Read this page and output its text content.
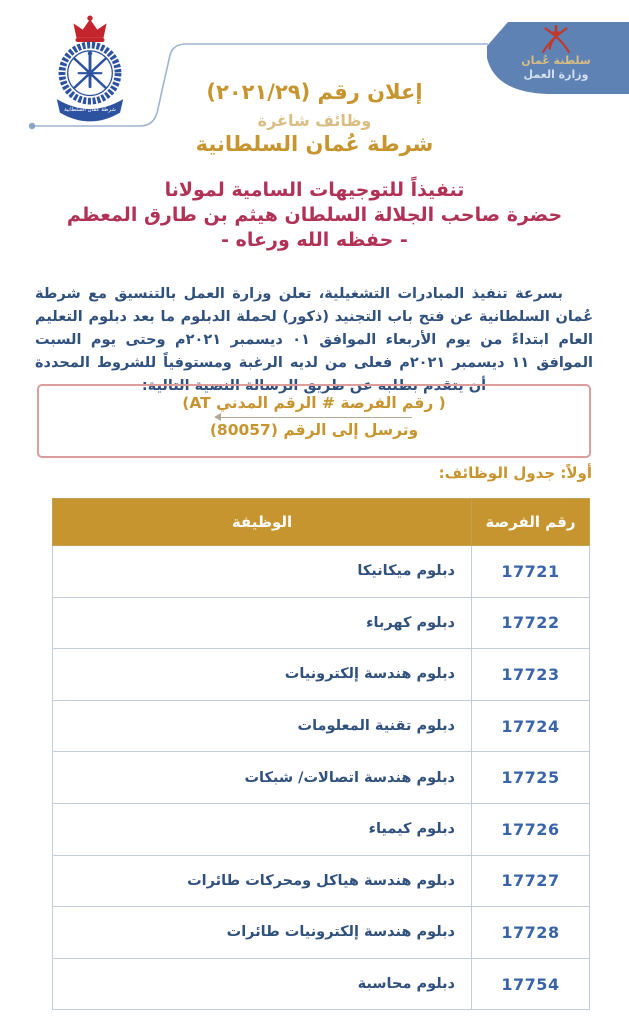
شرطة عمان السلطانية
سلطنة عُمان
وزارة العمل
إعلان رقم (٢٠٢١/٢٩)
وظائف شاغرة
شرطة عُمان السلطانية
تنفيذاً للتوجيهات السامية لمولانا
حضرة صاحب الجلالة السلطان هيثم بن طارق المعظم
- حفظه الله ورعاه -

بسرعة تنفيذ المبادرات التشغيلية، تعلن وزارة العمل بالتنسيق مع شرطة عُمان السلطانية عن فتح باب التجنيد (ذكور) لحملة الدبلوم ما بعد دبلوم التعليم العام ابتداءً من يوم الأربعاء الموافق ٠١ ديسمبر ٢٠٢١م وحتى يوم السبت الموافق ١١ ديسمبر ٢٠٢١م فعلى من لديه الرغبة ومستوفياً للشروط المحددة أن يتقدم بطلبه عن طريق الرسالة النصية التالية:

( رقم الفرصة # الرقم المدني AT)
وترسل إلى الرقم (80057)
أولاً: جدول الوظائف:
رقم الفرصة	الوظيفة
17721	دبلوم ميكانيكا
17722	دبلوم كهرباء
17723	دبلوم هندسة إلكترونيات
17724	دبلوم تقنية المعلومات
17725	دبلوم هندسة اتصالات/ شبكات
17726	دبلوم كيمياء
17727	دبلوم هندسة هياكل ومحركات طائرات
17728	دبلوم هندسة إلكترونيات طائرات
17754	دبلوم محاسبة
